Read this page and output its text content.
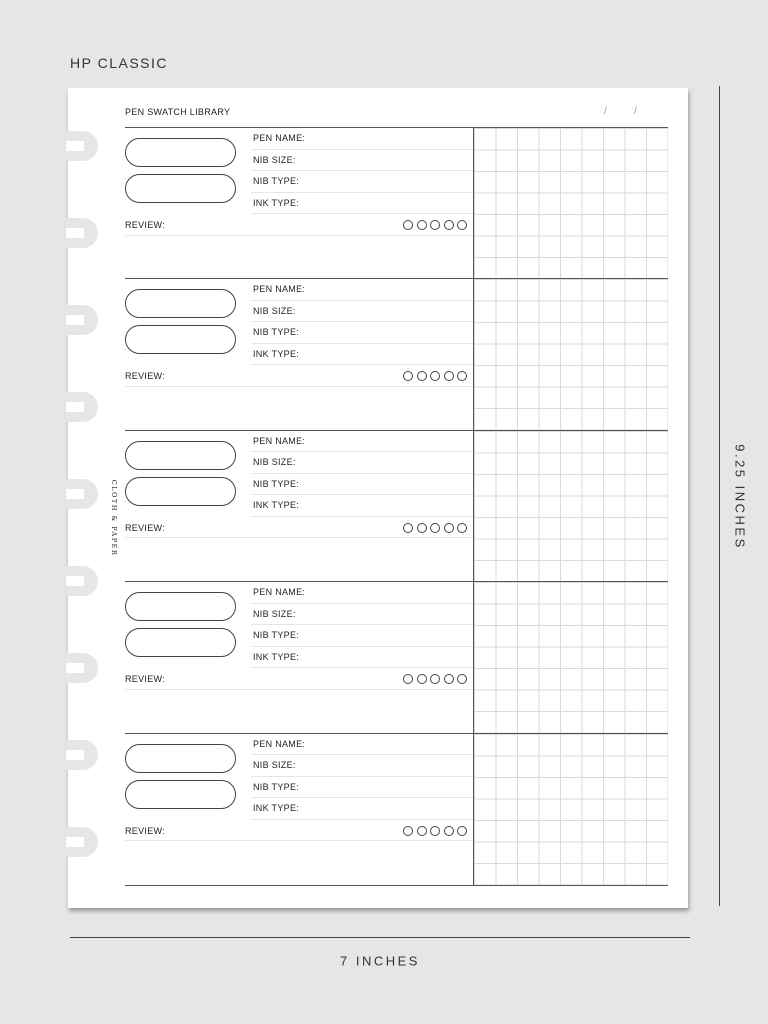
HP CLASSIC
9.25 INCHES
7 INCHES
PEN SWATCH LIBRARY	/	/
CLOTH & PAPER
PEN NAME:
NIB SIZE:
NIB TYPE:
INK TYPE:
REVIEW:
PEN NAME:
NIB SIZE:
NIB TYPE:
INK TYPE:
REVIEW:
PEN NAME:
NIB SIZE:
NIB TYPE:
INK TYPE:
REVIEW:
PEN NAME:
NIB SIZE:
NIB TYPE:
INK TYPE:
REVIEW:
PEN NAME:
NIB SIZE:
NIB TYPE:
INK TYPE:
REVIEW:
